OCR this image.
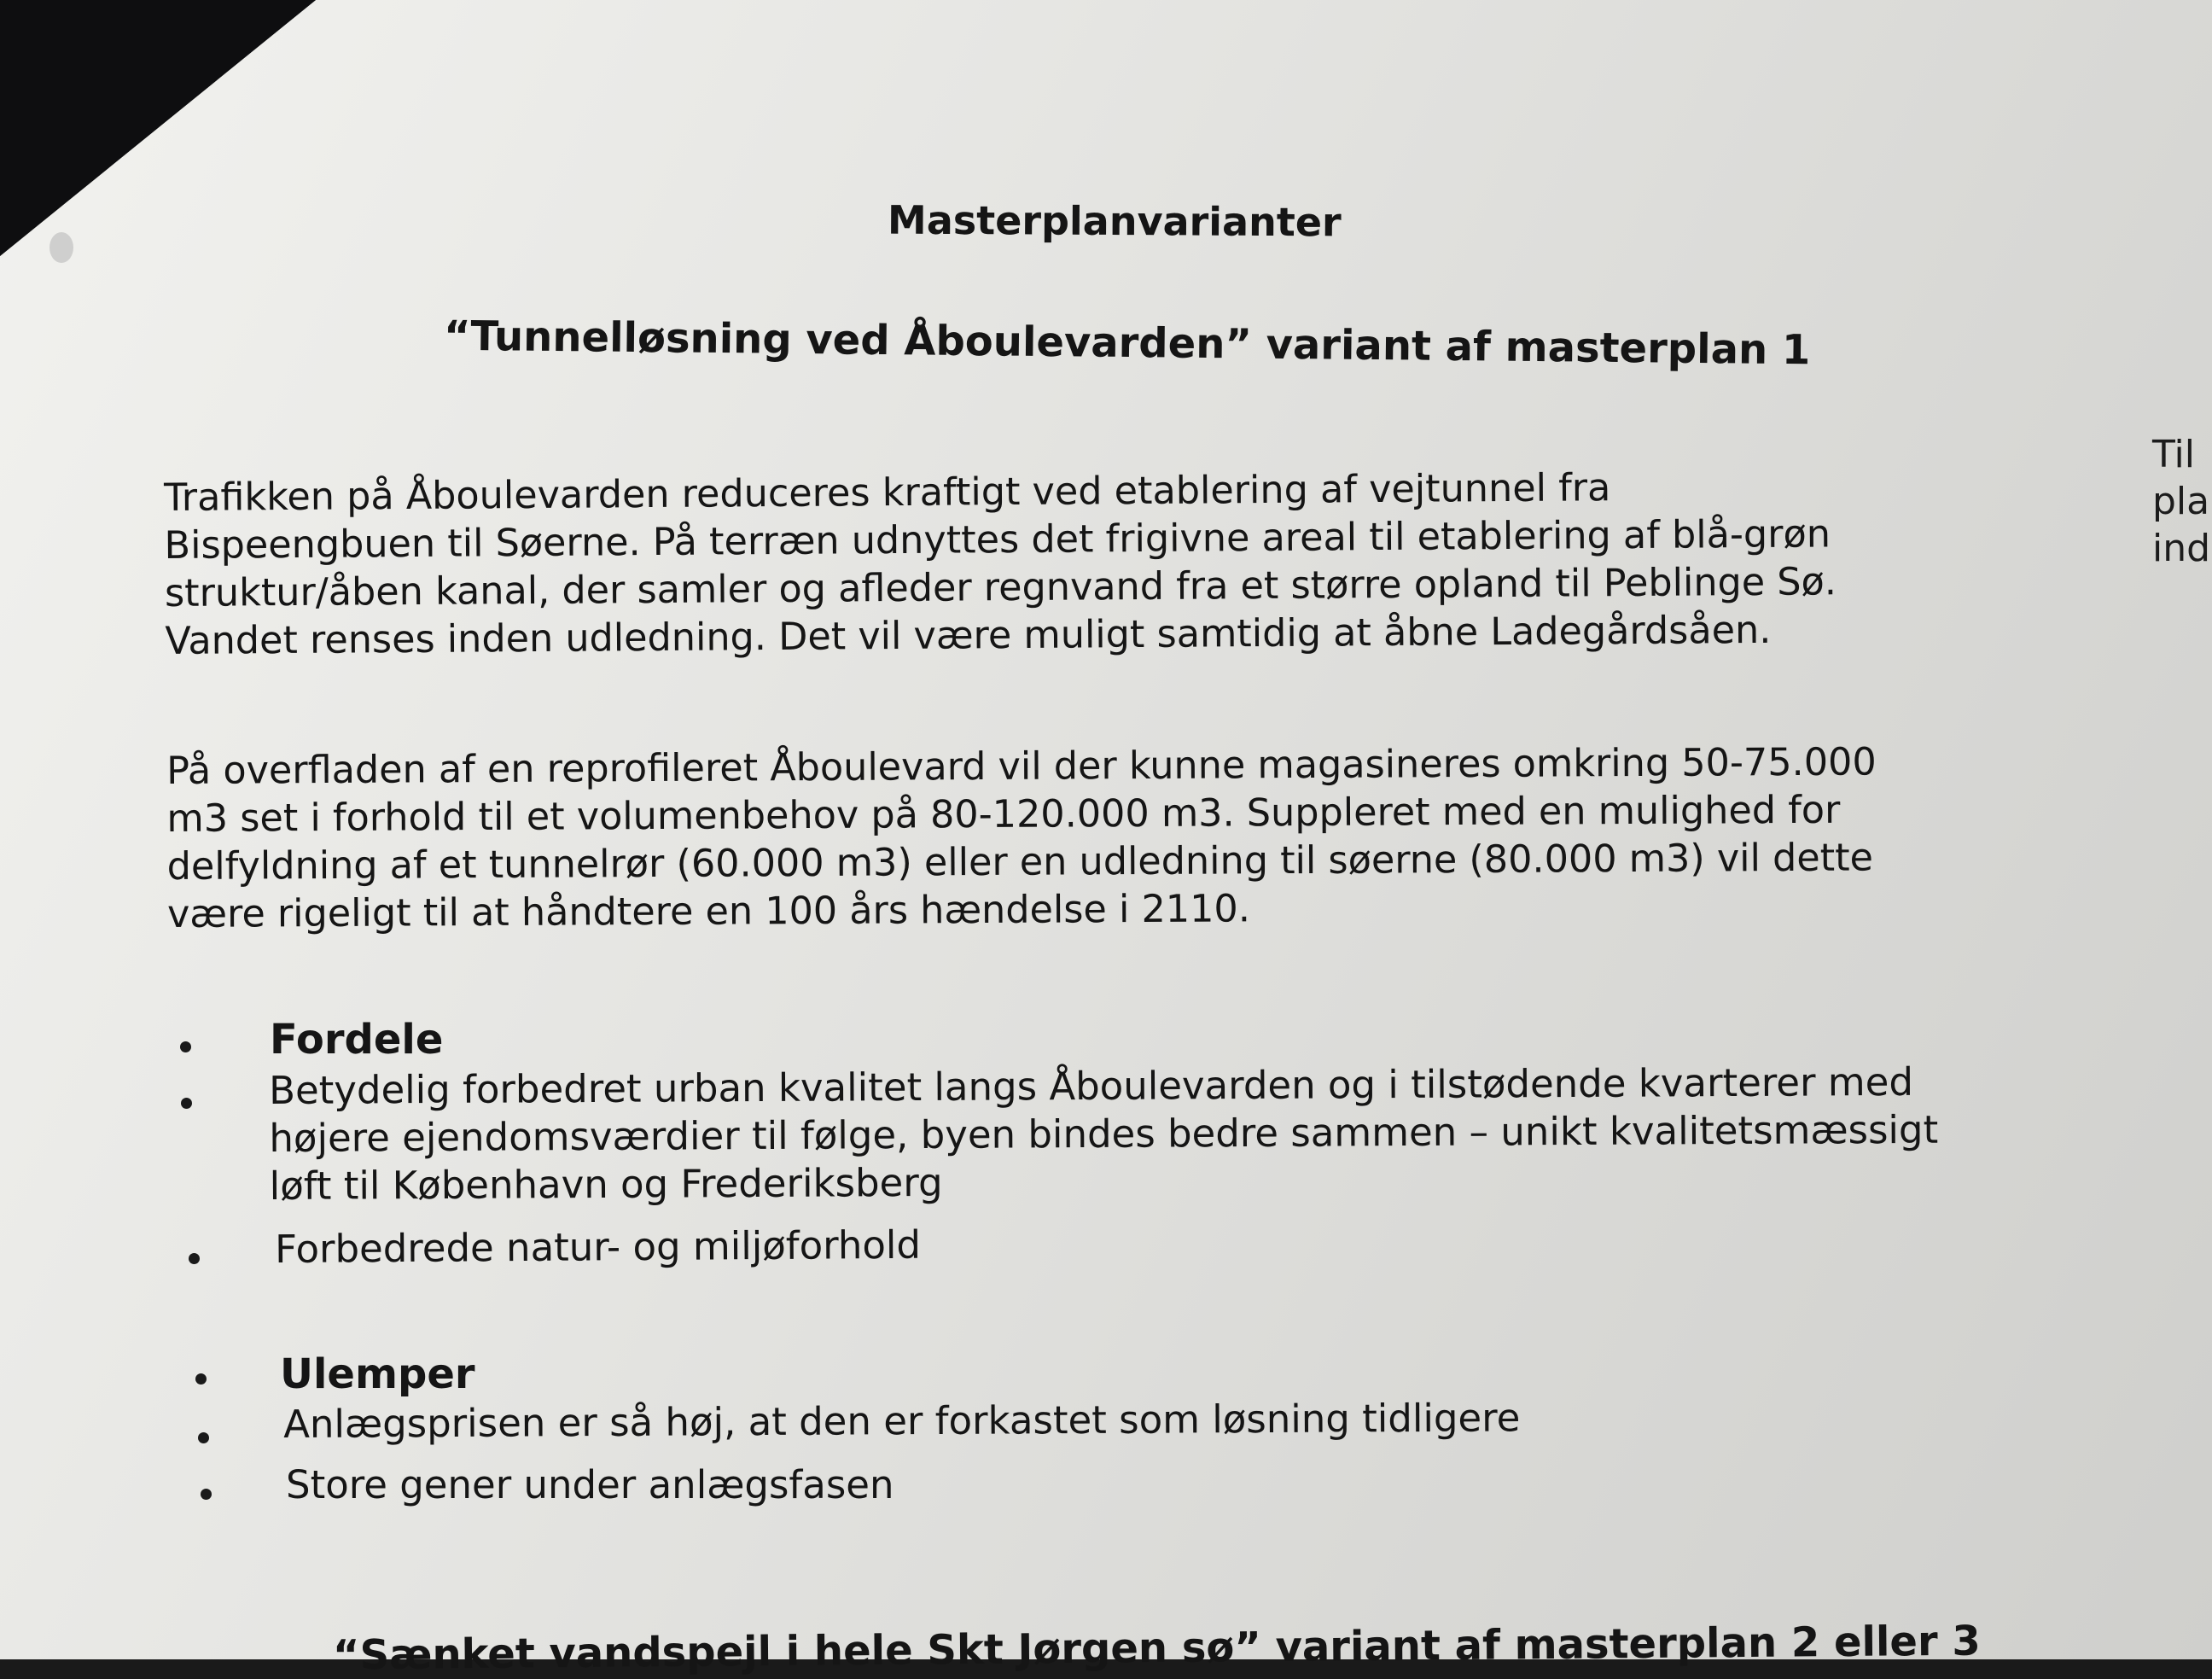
Masterplanvarianter
“Tunnelløsning ved Åboulevarden” variant af masterplan 1
Trafikken på Åboulevarden reduceres kraftigt ved etablering af vejtunnel fra
Bispeengbuen til Søerne. På terræn udnyttes det frigivne areal til etablering af blå-grøn
struktur/åben kanal, der samler og afleder regnvand fra et større opland til Peblinge Sø.
Vandet renses inden udledning. Det vil være muligt samtidig at åbne Ladegårdsåen.
På overfladen af en reprofileret Åboulevard vil der kunne magasineres omkring 50-75.000
m3 set i forhold til et volumenbehov på 80-120.000 m3. Suppleret med en mulighed for
delfyldning af et tunnelrør (60.000 m3) eller en udledning til søerne (80.000 m3) vil dette
være rigeligt til at håndtere en 100 års hændelse i 2110.
Til
pla
ind
Fordele
Betydelig forbedret urban kvalitet langs Åboulevarden og i tilstødende kvarterer med
højere ejendomsværdier til følge, byen bindes bedre sammen – unikt kvalitetsmæssigt
løft til København og Frederiksberg
Forbedrede natur- og miljøforhold
Ulemper
Anlægsprisen er så høj, at den er forkastet som løsning tidligere
Store gener under anlægsfasen
“Sænket vandspejl i hele Skt Jørgen sø” variant af masterplan 2 eller 3
